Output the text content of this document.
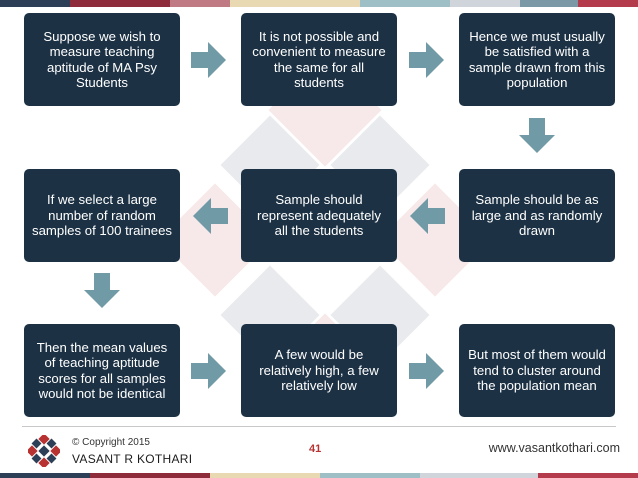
Suppose we wish to measure teaching aptitude of MA Psy Students
It is not possible and convenient to measure the same for all students
Hence we must usually be satisfied with a sample drawn from this population
If we select a large number of random samples of 100 trainees
Sample should represent adequately all the students
Sample should be as large and as randomly drawn
Then the mean values of teaching aptitude scores for all samples would not be identical
A few would be relatively high, a few relatively low
But most of them would tend to cluster around the population mean
© Copyright 2015
VASANT R KOTHARI
41	www.vasantkothari.com
